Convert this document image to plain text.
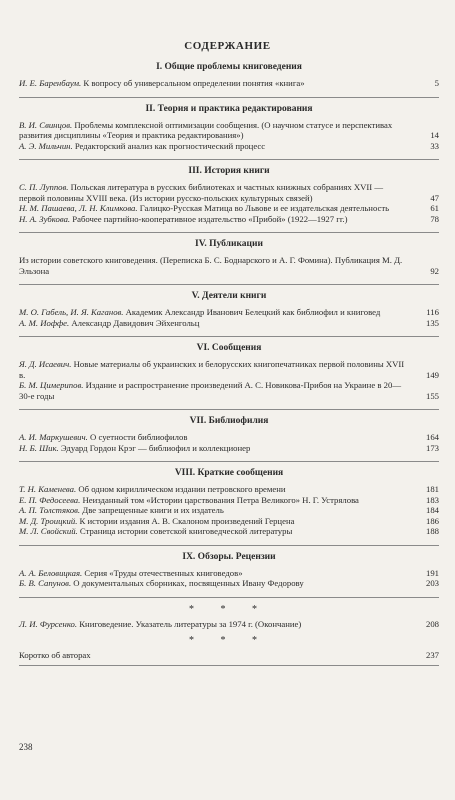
СОДЕРЖАНИЕ
I. Общие проблемы книговедения
И. Е. Баренбаум. К вопросу об универсальном определении понятия «книга»	5
II. Теория и практика редактирования
В. И. Свинцов. Проблемы комплексной оптимизации сообщения. (О научном статусе и перспективах развития дисциплины «Теория и практика редактирования»)	14
А. Э. Мильчин. Редакторский анализ как прогностический процесс	33
III. История книги
С. П. Луппов. Польская литература в русских библиотеках и частных книжных собраниях XVII — первой половины XVIII века. (Из истории русско-польских культурных связей)	47
Н. М. Пашаева, Л. Н. Климкова. Галицко-Русская Матица во Львове и ее издательская деятельность	61
Н. А. Зубкова. Рабочее партийно-кооперативное издательство «Прибой» (1922—1927 гг.)	78
IV. Публикации
Из истории советского книговедения. (Переписка Б. С. Боднарского и А. Г. Фомина). Публикация М. Д. Эльзона	92
V. Деятели книги
М. О. Габель, И. Я. Каганов. Академик Александр Иванович Белецкий как библиофил и книговед	116
А. М. Иоффе. Александр Давидович Эйхенгольц	135
VI. Сообщения
Я. Д. Исаевич. Новые материалы об украинских и белорусских книгопечатниках первой половины XVII в.	149
Б. М. Цимерипов. Издание и распространение произведений А. С. Новикова-Прибоя на Украине в 20—30-е годы	155
VII. Библиофилия
А. И. Маркушевич. О суетности библиофилов	164
Н. Б. Шик. Эдуард Гордон Крэг — библиофил и коллекционер	173
VIII. Краткие сообщения
Т. Н. Каменева. Об одном кириллическом издании петровского времени	181
Е. П. Федосеева. Неизданный том «Истории царствования Петра Великого» Н. Г. Устрялова	183
А. П. Толстяков. Две запрещенные книги и их издатель	184
М. Д. Троицкий. К истории издания А. В. Скалоном произведений Герцена	186
М. Л. Свойский. Страница истории советской книговедческой литературы	188
IX. Обзоры. Рецензии
А. А. Беловицкая. Серия «Труды отечественных книговедов»	191
Б. В. Сапунов. О документальных сборниках, посвященных Ивану Федорову	203
* * *
Л. И. Фурсенко. Книговедение. Указатель литературы за 1974 г. (Окончание)	208
* * *
Коротко об авторах	237
238
